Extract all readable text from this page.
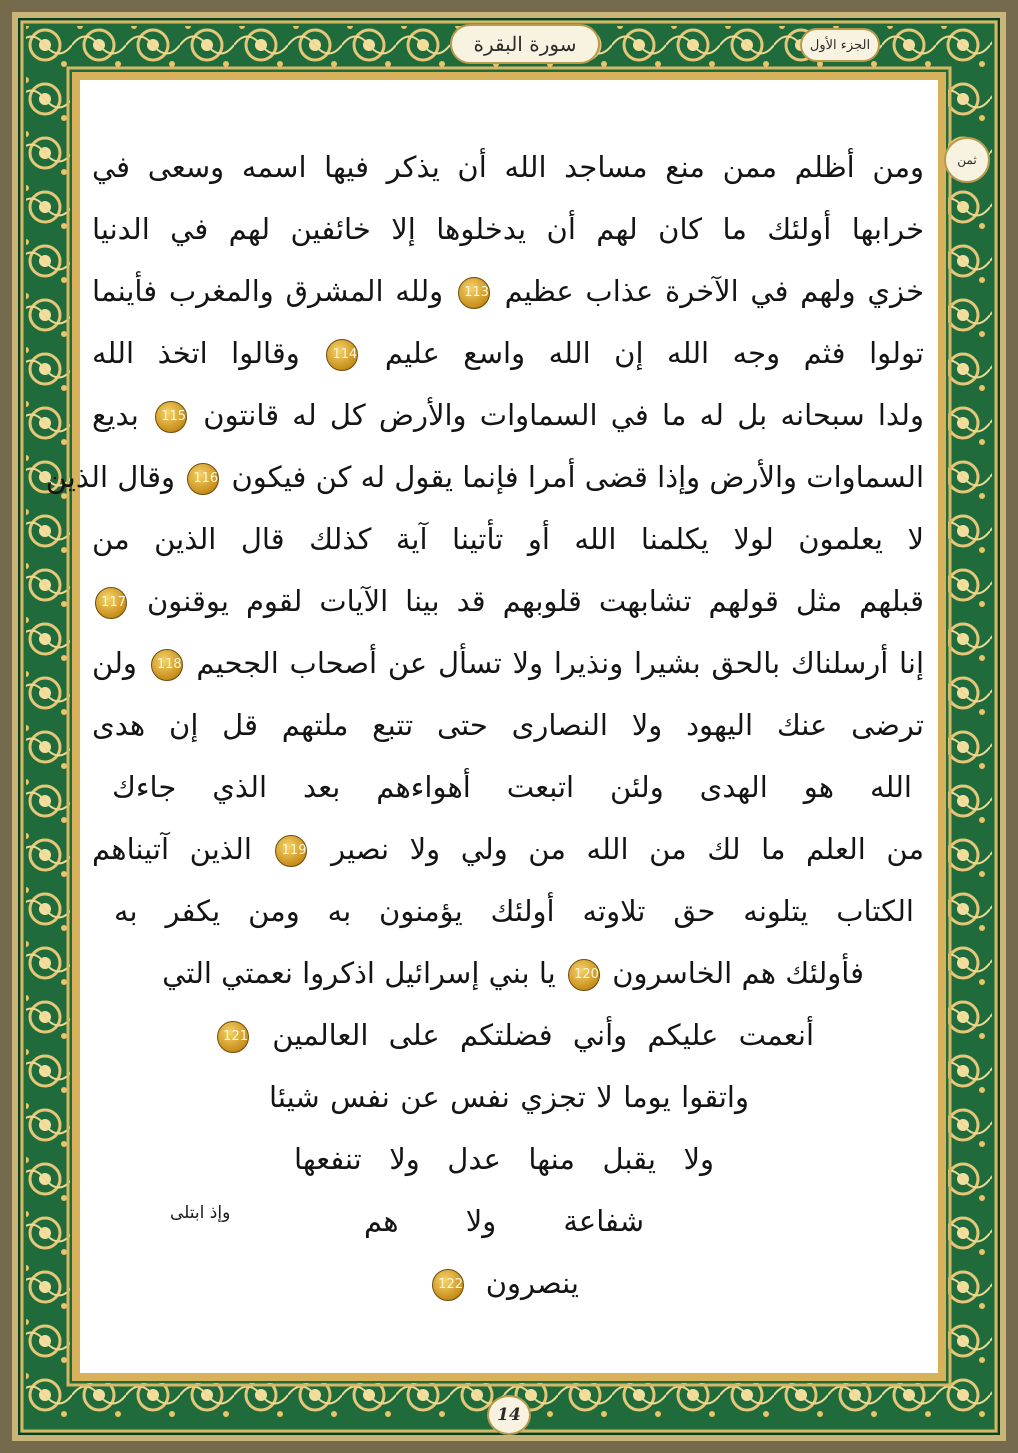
سورة البقرة	الجزء الأول
ثمن
ومن أظلم ممن منع مساجد الله أن يذكر فيها اسمه وسعى في
خرابها أولئك ما كان لهم أن يدخلوها إلا خائفين لهم في الدنيا
خزي ولهم في الآخرة عذاب عظيم 113 ولله المشرق والمغرب فأينما
تولوا فثم وجه الله إن الله واسع عليم 114 وقالوا اتخذ الله
ولدا سبحانه بل له ما في السماوات والأرض كل له قانتون 115 بديع
السماوات والأرض وإذا قضى أمرا فإنما يقول له كن فيكون 116 وقال الذين
لا يعلمون لولا يكلمنا الله أو تأتينا آية كذلك قال الذين من
قبلهم مثل قولهم تشابهت قلوبهم قد بينا الآيات لقوم يوقنون 117
إنا أرسلناك بالحق بشيرا ونذيرا ولا تسأل عن أصحاب الجحيم 118 ولن
ترضى عنك اليهود ولا النصارى حتى تتبع ملتهم قل إن هدى
الله هو الهدى ولئن اتبعت أهواءهم بعد الذي جاءك
من العلم ما لك من الله من ولي ولا نصير 119 الذين آتيناهم
الكتاب يتلونه حق تلاوته أولئك يؤمنون به ومن يكفر به
فأولئك هم الخاسرون 120 يا بني إسرائيل اذكروا نعمتي التي
أنعمت عليكم وأني فضلتكم على العالمين 121
واتقوا يوما لا تجزي نفس عن نفس شيئا
ولا يقبل منها عدل ولا تنفعها
شفاعة ولا هم
ينصرون 122
وإذ ابتلى
14
